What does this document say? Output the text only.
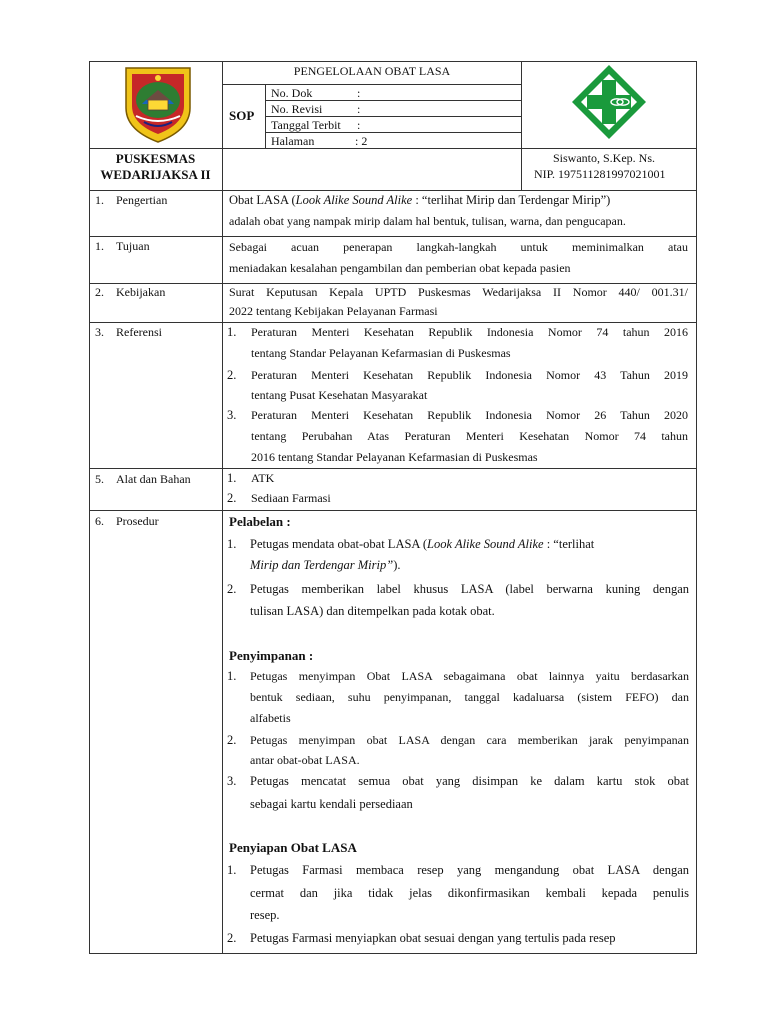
PENGELOLAAN OBAT LASA
SOP
No. Dok	:
No. Revisi	:
Tanggal Terbit :
Halaman	: 2
PUSKESMAS
WEDARIJAKSA II
Siswanto, S.Kep. Ns.
NIP. 197511281997021001
1. Pengertian	Obat LASA (Look Alike Sound Alike : “terlihat Mirip dan Terdengar Mirip”)
adalah obat yang nampak mirip dalam hal bentuk, tulisan, warna, dan pengucapan.
1. Tujuan	Sebagai acuan penerapan langkah-langkah untuk meminimalkan atau
meniadakan kesalahan pengambilan dan pemberian obat kepada pasien
2. Kebijakan	Surat Keputusan Kepala UPTD Puskesmas Wedarijaksa II Nomor 440/ 001.31/
2022 tentang Kebijakan Pelayanan Farmasi
3. Referensi	1. Peraturan Menteri Kesehatan Republik Indonesia Nomor 74 tahun 2016
tentang Standar Pelayanan Kefarmasian di Puskesmas
2. Peraturan Menteri Kesehatan Republik Indonesia Nomor 43 Tahun 2019
tentang Pusat Kesehatan Masyarakat
3. Peraturan Menteri Kesehatan Republik Indonesia Nomor 26 Tahun 2020
tentang Perubahan Atas Peraturan Menteri Kesehatan Nomor 74 tahun
2016 tentang Standar Pelayanan Kefarmasian di Puskesmas
5. Alat dan Bahan	1. ATK
2. Sediaan Farmasi
6. Prosedur	Pelabelan :
1. Petugas mendata obat-obat LASA (Look Alike Sound Alike : “terlihat
Mirip dan Terdengar Mirip”).
2. Petugas memberikan label khusus LASA (label berwarna kuning dengan
tulisan LASA) dan ditempelkan pada kotak obat.
Penyimpanan :
1. Petugas menyimpan Obat LASA sebagaimana obat lainnya yaitu berdasarkan
bentuk sediaan, suhu penyimpanan, tanggal kadaluarsa (sistem FEFO) dan
alfabetis
2. Petugas menyimpan obat LASA dengan cara memberikan jarak penyimpanan
antar obat-obat LASA.
3. Petugas mencatat semua obat yang disimpan ke dalam kartu stok obat
sebagai kartu kendali persediaan
Penyiapan Obat LASA
1. Petugas Farmasi membaca resep yang mengandung obat LASA dengan
cermat dan jika tidak jelas dikonfirmasikan kembali kepada penulis
resep.
2. Petugas Farmasi menyiapkan obat sesuai dengan yang tertulis pada resep
